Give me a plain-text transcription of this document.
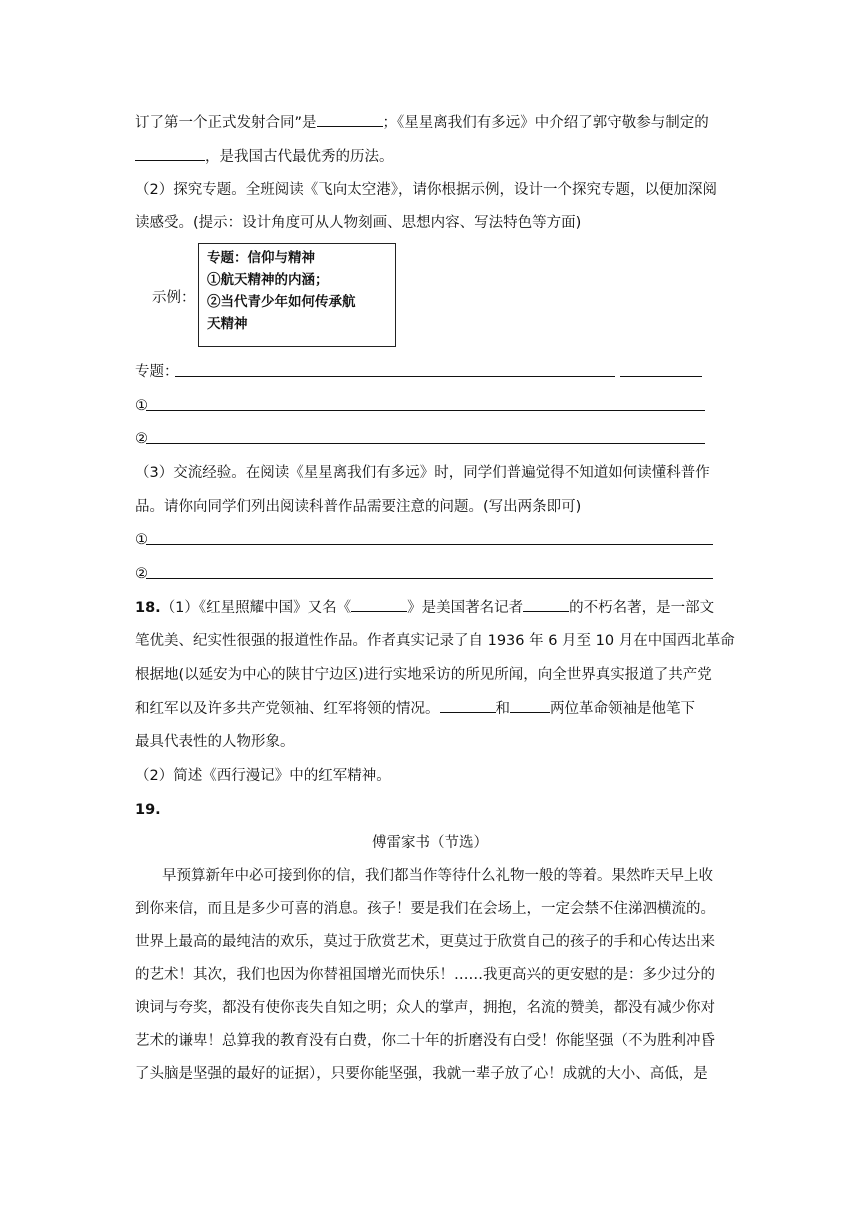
订了第一个正式发射合同”是	；《星星离我们有多远》中介绍了郭守敬参与制定的
，是我国古代最优秀的历法。
（2）探究专题。全班阅读《飞向太空港》，请你根据示例，设计一个探究专题，以便加深阅
读感受。(提示：设计角度可从人物刻画、思想内容、写法特色等方面)
示例：
专题：信仰与精神
①航天精神的内涵；
②当代青少年如何传承航
天精神
专题：
①
②
（3）交流经验。在阅读《星星离我们有多远》时，同学们普遍觉得不知道如何读懂科普作
品。请你向同学们列出阅读科普作品需要注意的问题。(写出两条即可)
①
②
18.（1）《红星照耀中国》又名《	》是美国著名记者	的不朽名著，是一部文
笔优美、纪实性很强的报道性作品。作者真实记录了自 1936 年 6 月至 10 月在中国西北革命
根据地(以延安为中心的陕甘宁边区)进行实地采访的所见所闻，向全世界真实报道了共产党
和红军以及许多共产党领袖、红军将领的情况。	和	两位革命领袖是他笔下
最具代表性的人物形象。
（2）简述《西行漫记》中的红军精神。
19.
傅雷家书（节选）
早预算新年中必可接到你的信，我们都当作等待什么礼物一般的等着。果然昨天早上收
到你来信，而且是多少可喜的消息。孩子！要是我们在会场上，一定会禁不住涕泗横流的。
世界上最高的最纯洁的欢乐，莫过于欣赏艺术，更莫过于欣赏自己的孩子的手和心传达出来
的艺术！其次，我们也因为你替祖国增光而快乐！……我更高兴的更安慰的是：多少过分的
谀词与夸奖，都没有使你丧失自知之明；众人的掌声，拥抱，名流的赞美，都没有减少你对
艺术的谦卑！总算我的教育没有白费，你二十年的折磨没有白受！你能坚强（不为胜利冲昏
了头脑是坚强的最好的证据），只要你能坚强，我就一辈子放了心！成就的大小、高低，是
